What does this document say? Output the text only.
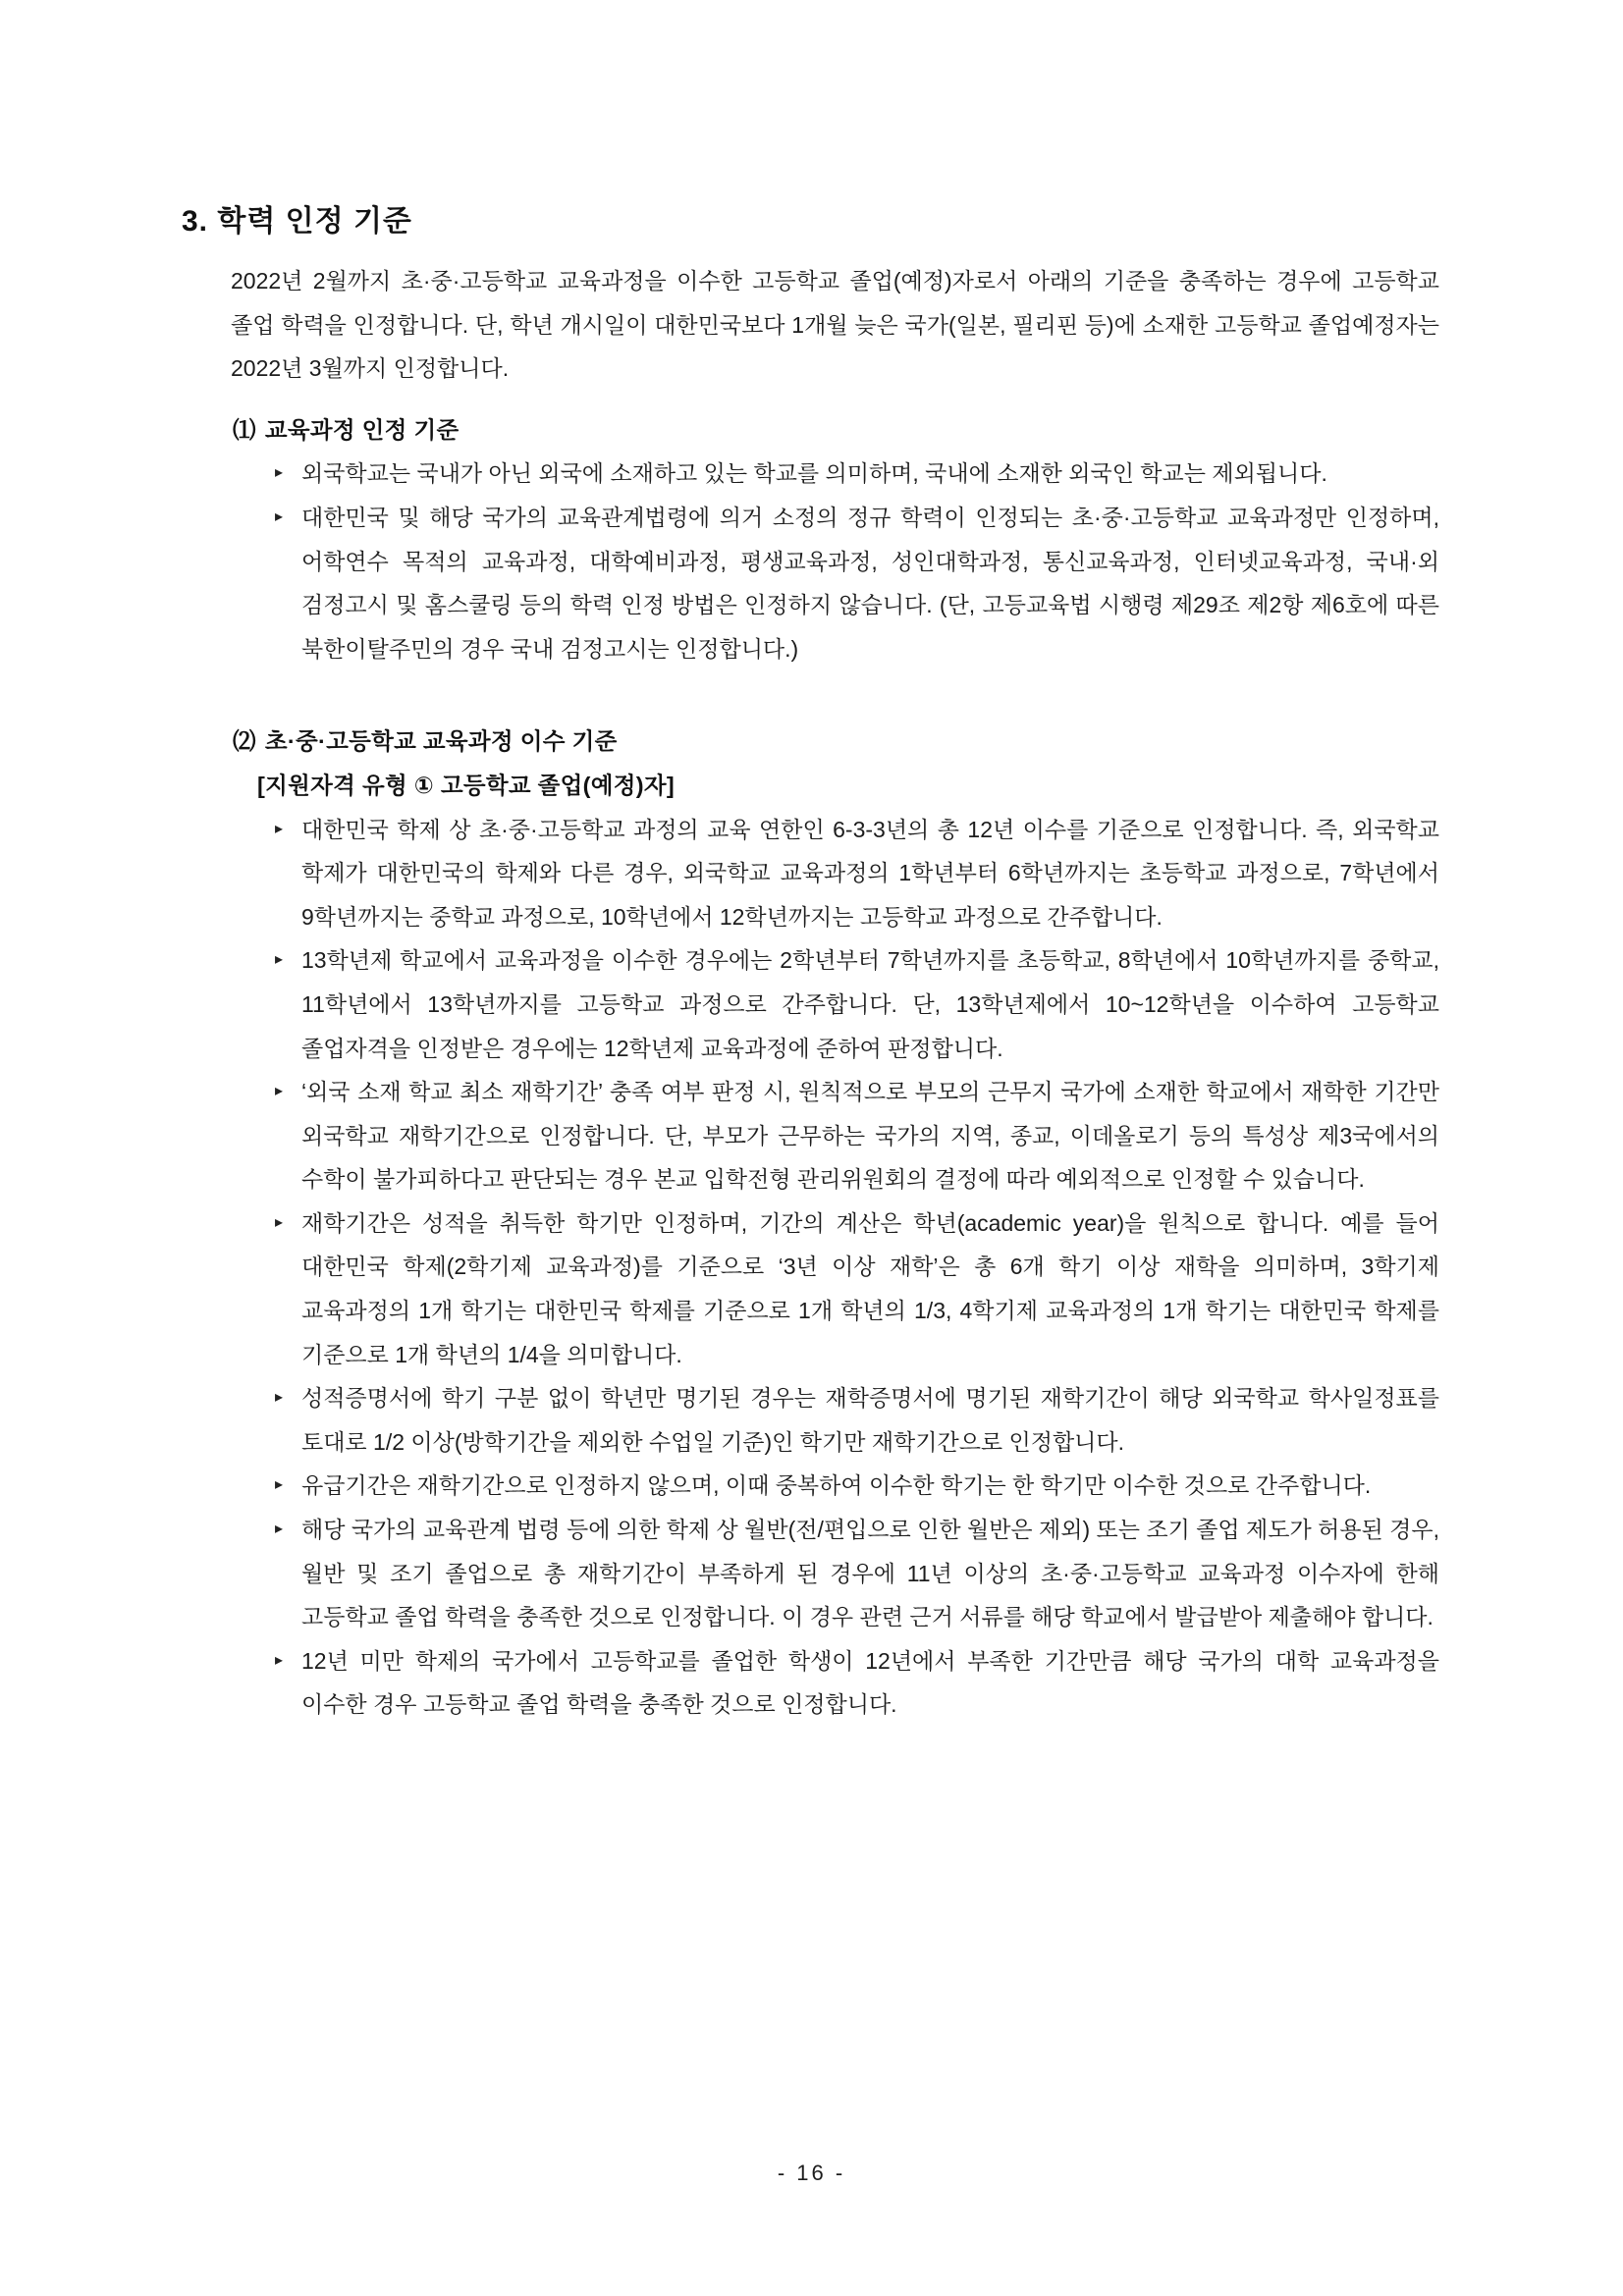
3. 학력 인정 기준

2022년 2월까지 초·중·고등학교 교육과정을 이수한 고등학교 졸업(예정)자로서 아래의 기준을 충족하는 경우에 고등학교 졸업 학력을 인정합니다. 단, 학년 개시일이 대한민국보다 1개월 늦은 국가(일본, 필리핀 등)에 소재한 고등학교 졸업예정자는 2022년 3월까지 인정합니다.

⑴ 교육과정 인정 기준
▸ 외국학교는 국내가 아닌 외국에 소재하고 있는 학교를 의미하며, 국내에 소재한 외국인 학교는 제외됩니다.
▸ 대한민국 및 해당 국가의 교육관계법령에 의거 소정의 정규 학력이 인정되는 초·중·고등학교 교육과정만 인정하며, 어학연수 목적의 교육과정, 대학예비과정, 평생교육과정, 성인대학과정, 통신교육과정, 인터넷교육과정, 국내·외 검정고시 및 홈스쿨링 등의 학력 인정 방법은 인정하지 않습니다. (단, 고등교육법 시행령 제29조 제2항 제6호에 따른 북한이탈주민의 경우 국내 검정고시는 인정합니다.)
⑵ 초·중·고등학교 교육과정 이수 기준
[지원자격 유형 ① 고등학교 졸업(예정)자]
▸ 대한민국 학제 상 초·중·고등학교 과정의 교육 연한인 6-3-3년의 총 12년 이수를 기준으로 인정합니다. 즉, 외국학교 학제가 대한민국의 학제와 다른 경우, 외국학교 교육과정의 1학년부터 6학년까지는 초등학교 과정으로, 7학년에서 9학년까지는 중학교 과정으로, 10학년에서 12학년까지는 고등학교 과정으로 간주합니다.
▸ 13학년제 학교에서 교육과정을 이수한 경우에는 2학년부터 7학년까지를 초등학교, 8학년에서 10학년까지를 중학교, 11학년에서 13학년까지를 고등학교 과정으로 간주합니다. 단, 13학년제에서 10~12학년을 이수하여 고등학교 졸업자격을 인정받은 경우에는 12학년제 교육과정에 준하여 판정합니다.
▸ ‘외국 소재 학교 최소 재학기간’ 충족 여부 판정 시, 원칙적으로 부모의 근무지 국가에 소재한 학교에서 재학한 기간만 외국학교 재학기간으로 인정합니다. 단, 부모가 근무하는 국가의 지역, 종교, 이데올로기 등의 특성상 제3국에서의 수학이 불가피하다고 판단되는 경우 본교 입학전형 관리위원회의 결정에 따라 예외적으로 인정할 수 있습니다.
▸ 재학기간은 성적을 취득한 학기만 인정하며, 기간의 계산은 학년(academic year)을 원칙으로 합니다. 예를 들어 대한민국 학제(2학기제 교육과정)를 기준으로 ‘3년 이상 재학’은 총 6개 학기 이상 재학을 의미하며, 3학기제 교육과정의 1개 학기는 대한민국 학제를 기준으로 1개 학년의 1/3, 4학기제 교육과정의 1개 학기는 대한민국 학제를 기준으로 1개 학년의 1/4을 의미합니다.
▸ 성적증명서에 학기 구분 없이 학년만 명기된 경우는 재학증명서에 명기된 재학기간이 해당 외국학교 학사일정표를 토대로 1/2 이상(방학기간을 제외한 수업일 기준)인 학기만 재학기간으로 인정합니다.
▸ 유급기간은 재학기간으로 인정하지 않으며, 이때 중복하여 이수한 학기는 한 학기만 이수한 것으로 간주합니다.
▸ 해당 국가의 교육관계 법령 등에 의한 학제 상 월반(전/편입으로 인한 월반은 제외) 또는 조기 졸업 제도가 허용된 경우, 월반 및 조기 졸업으로 총 재학기간이 부족하게 된 경우에 11년 이상의 초·중·고등학교 교육과정 이수자에 한해 고등학교 졸업 학력을 충족한 것으로 인정합니다. 이 경우 관련 근거 서류를 해당 학교에서 발급받아 제출해야 합니다.
▸ 12년 미만 학제의 국가에서 고등학교를 졸업한 학생이 12년에서 부족한 기간만큼 해당 국가의 대학 교육과정을 이수한 경우 고등학교 졸업 학력을 충족한 것으로 인정합니다.
- 16 -
